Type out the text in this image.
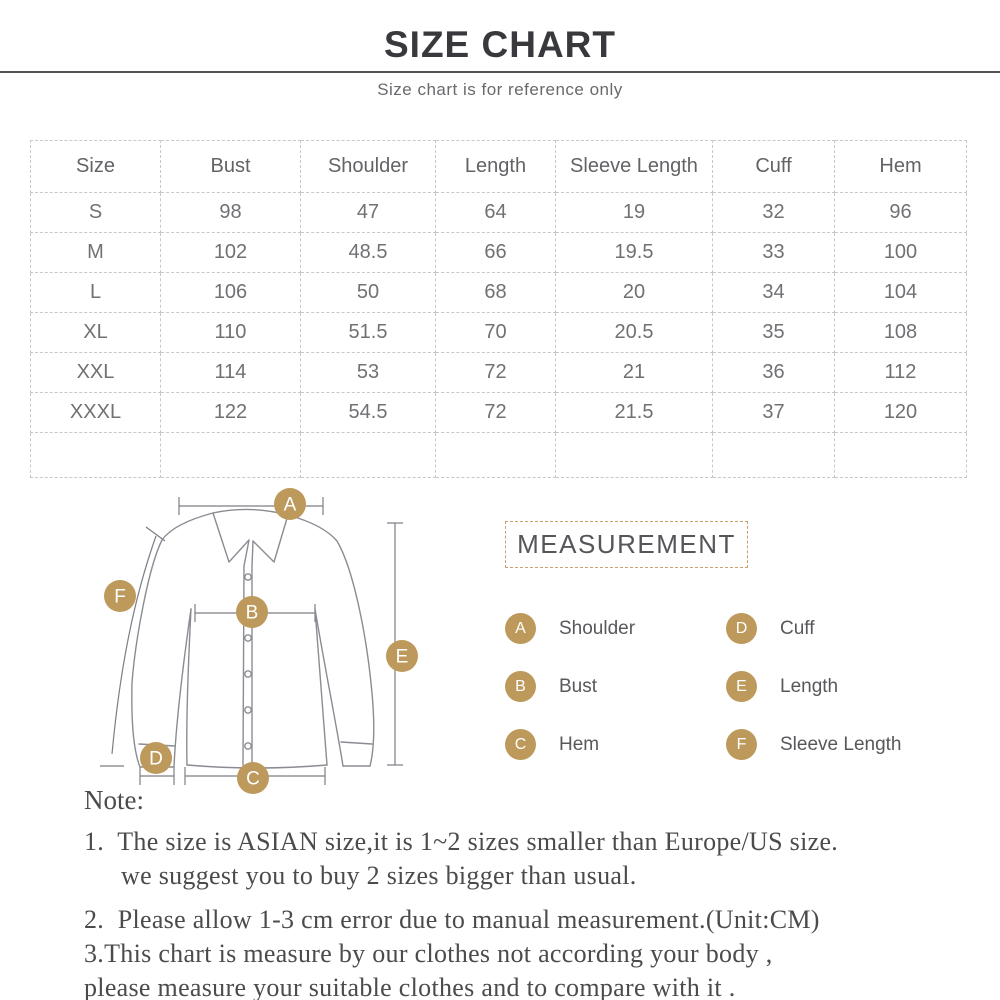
SIZE CHART
Size chart is for reference only
Size	Bust	Shoulder	Length	Sleeve Length	Cuff	Hem
S	98	47	64	19	32	96
M	102	48.5	66	19.5	33	100
L	106	50	68	20	34	104
XL	110	51.5	70	20.5	35	108
XXL	114	53	72	21	36	112
XXXL	122	54.5	72	21.5	37	120

A
B
C
D
E
F
MEASUREMENT
A	Shoulder
B	Bust
C	Hem
D	Cuff
E	Length
F	Sleeve Length
Note:
1.  The size is ASIAN size,it is 1~2 sizes smaller than Europe/US size.
we suggest you to buy 2 sizes bigger than usual.
2.  Please allow 1-3 cm error due to manual measurement.(Unit:CM)
3.This chart is measure by our clothes not according your body ,
please measure your suitable clothes and to compare with it .
